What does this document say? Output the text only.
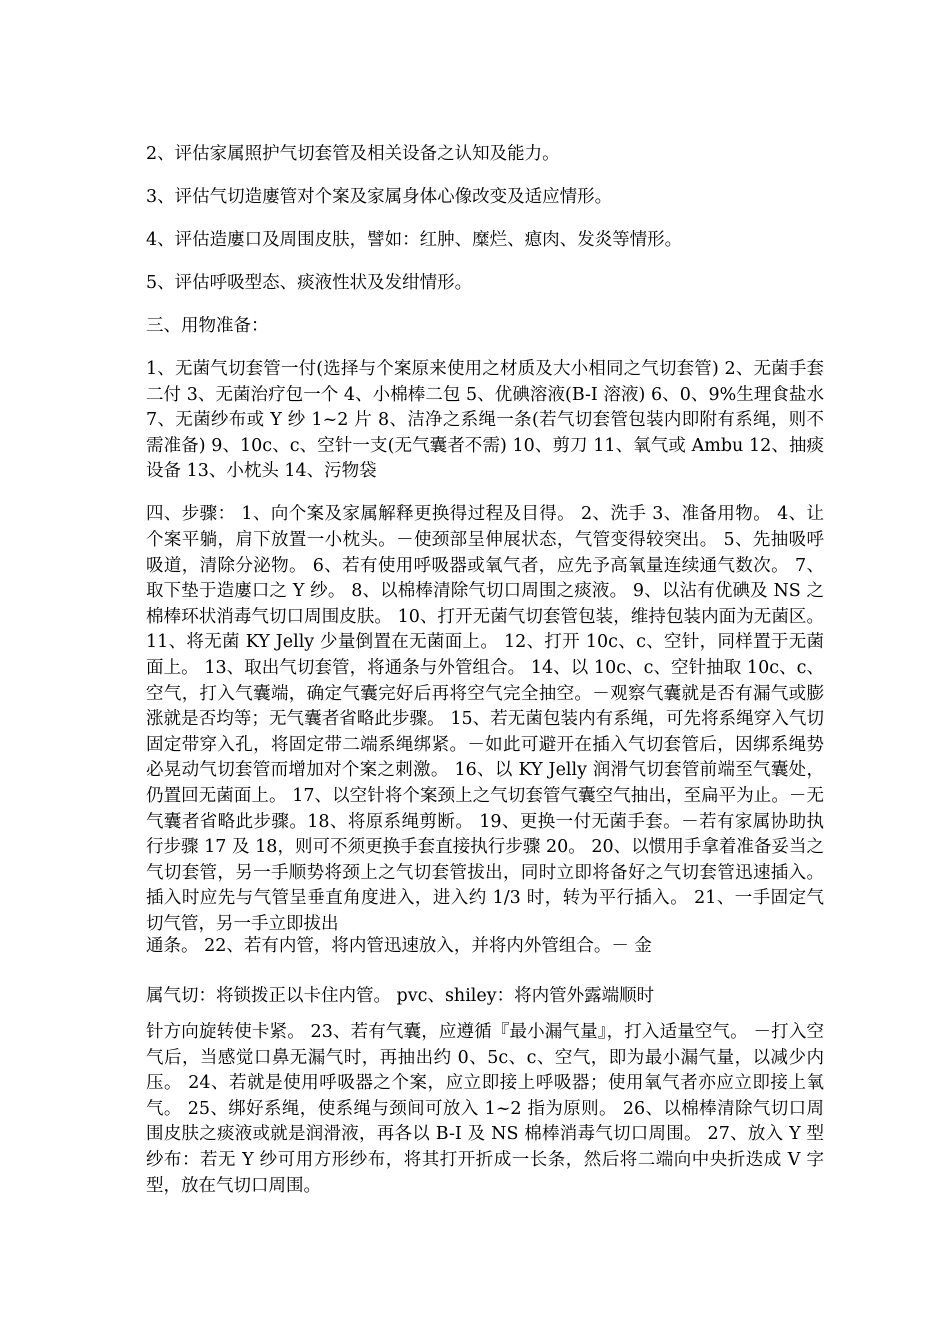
2、评估家属照护气切套管及相关设备之认知及能力。

3、评估气切造廔管对个案及家属身体心像改变及适应情形。

4、评估造廔口及周围皮肤，譬如：红肿、糜烂、瘜肉、发炎等情形。

5、评估呼吸型态、痰液性状及发绀情形。

三、用物准备：

1、无菌气切套管一付(选择与个案原来使用之材质及大小相同之气切套管) 2、无菌手套二付 3、无菌治疗包一个 4、小棉棒二包 5、优碘溶液(B-I 溶液) 6、0、9%生理食盐水 7、无菌纱布或 Y 纱 1~2 片 8、洁净之系绳一条(若气切套管包装内即附有系绳，则不需准备) 9、10c、c、空针一支(无气囊者不需) 10、剪刀 11、氧气或 Ambu 12、抽痰设备 13、小枕头 14、污物袋

四、步骤： 1、向个案及家属解释更换得过程及目得。 2、洗手 3、准备用物。 4、让个案平躺，肩下放置一小枕头。－使颈部呈伸展状态，气管变得较突出。 5、先抽吸呼吸道，清除分泌物。 6、若有使用呼吸器或氧气者，应先予高氧量连续通气数次。 7、取下垫于造廔口之 Y 纱。 8、以棉棒清除气切口周围之痰液。 9、以沾有优碘及 NS 之棉棒环状消毒气切口周围皮肤。 10、打开无菌气切套管包装，维持包装内面为无菌区。 11、将无菌 KY Jelly 少量倒置在无菌面上。 12、打开 10c、c、空针，同样置于无菌面上。 13、取出气切套管，将通条与外管组合。 14、以 10c、c、空针抽取 10c、c、空气，打入气囊端，确定气囊完好后再将空气完全抽空。－观察气囊就是否有漏气或膨涨就是否均等；无气囊者省略此步骤。 15、若无菌包装内有系绳，可先将系绳穿入气切固定带穿入孔，将固定带二端系绳绑紧。－如此可避开在插入气切套管后，因绑系绳势必晃动气切套管而增加对个案之刺激。 16、以 KY Jelly 润滑气切套管前端至气囊处，仍置回无菌面上。 17、以空针将个案颈上之气切套管气囊空气抽出，至扁平为止。－无气囊者省略此步骤。18、将原系绳剪断。 19、更换一付无菌手套。－若有家属协助执行步骤 17 及 18，则可不须更换手套直接执行步骤 20。 20、以惯用手拿着准备妥当之气切套管，另一手顺势将颈上之气切套管拔出，同时立即将备好之气切套管迅速插入。插入时应先与气管呈垂直角度进入，进入约 1/3 时，转为平行插入。 21、一手固定气切气管，另一手立即拔出

通条。 22、若有内管，将内管迅速放入，并将内外管组合。－ 金
属气切：将锁拨正以卡住内管。 pvc、shiley：将内管外露端顺时
针方向旋转使卡紧。 23、若有气囊，应遵循『最小漏气量』，打入适量空气。 －打入空气后，当感觉口鼻无漏气时，再抽出约 0、5c、c、空气，即为最小漏气量，以减少内压。 24、若就是使用呼吸器之个案，应立即接上呼吸器；使用氧气者亦应立即接上氧气。 25、绑好系绳，使系绳与颈间可放入 1~2 指为原则。 26、以棉棒清除气切口周围皮肤之痰液或就是润滑液，再各以 B-I 及 NS 棉棒消毒气切口周围。 27、放入 Y 型纱布：若无 Y 纱可用方形纱布，将其打开折成一长条，然后将二端向中央折迭成 V 字型，放在气切口周围。
